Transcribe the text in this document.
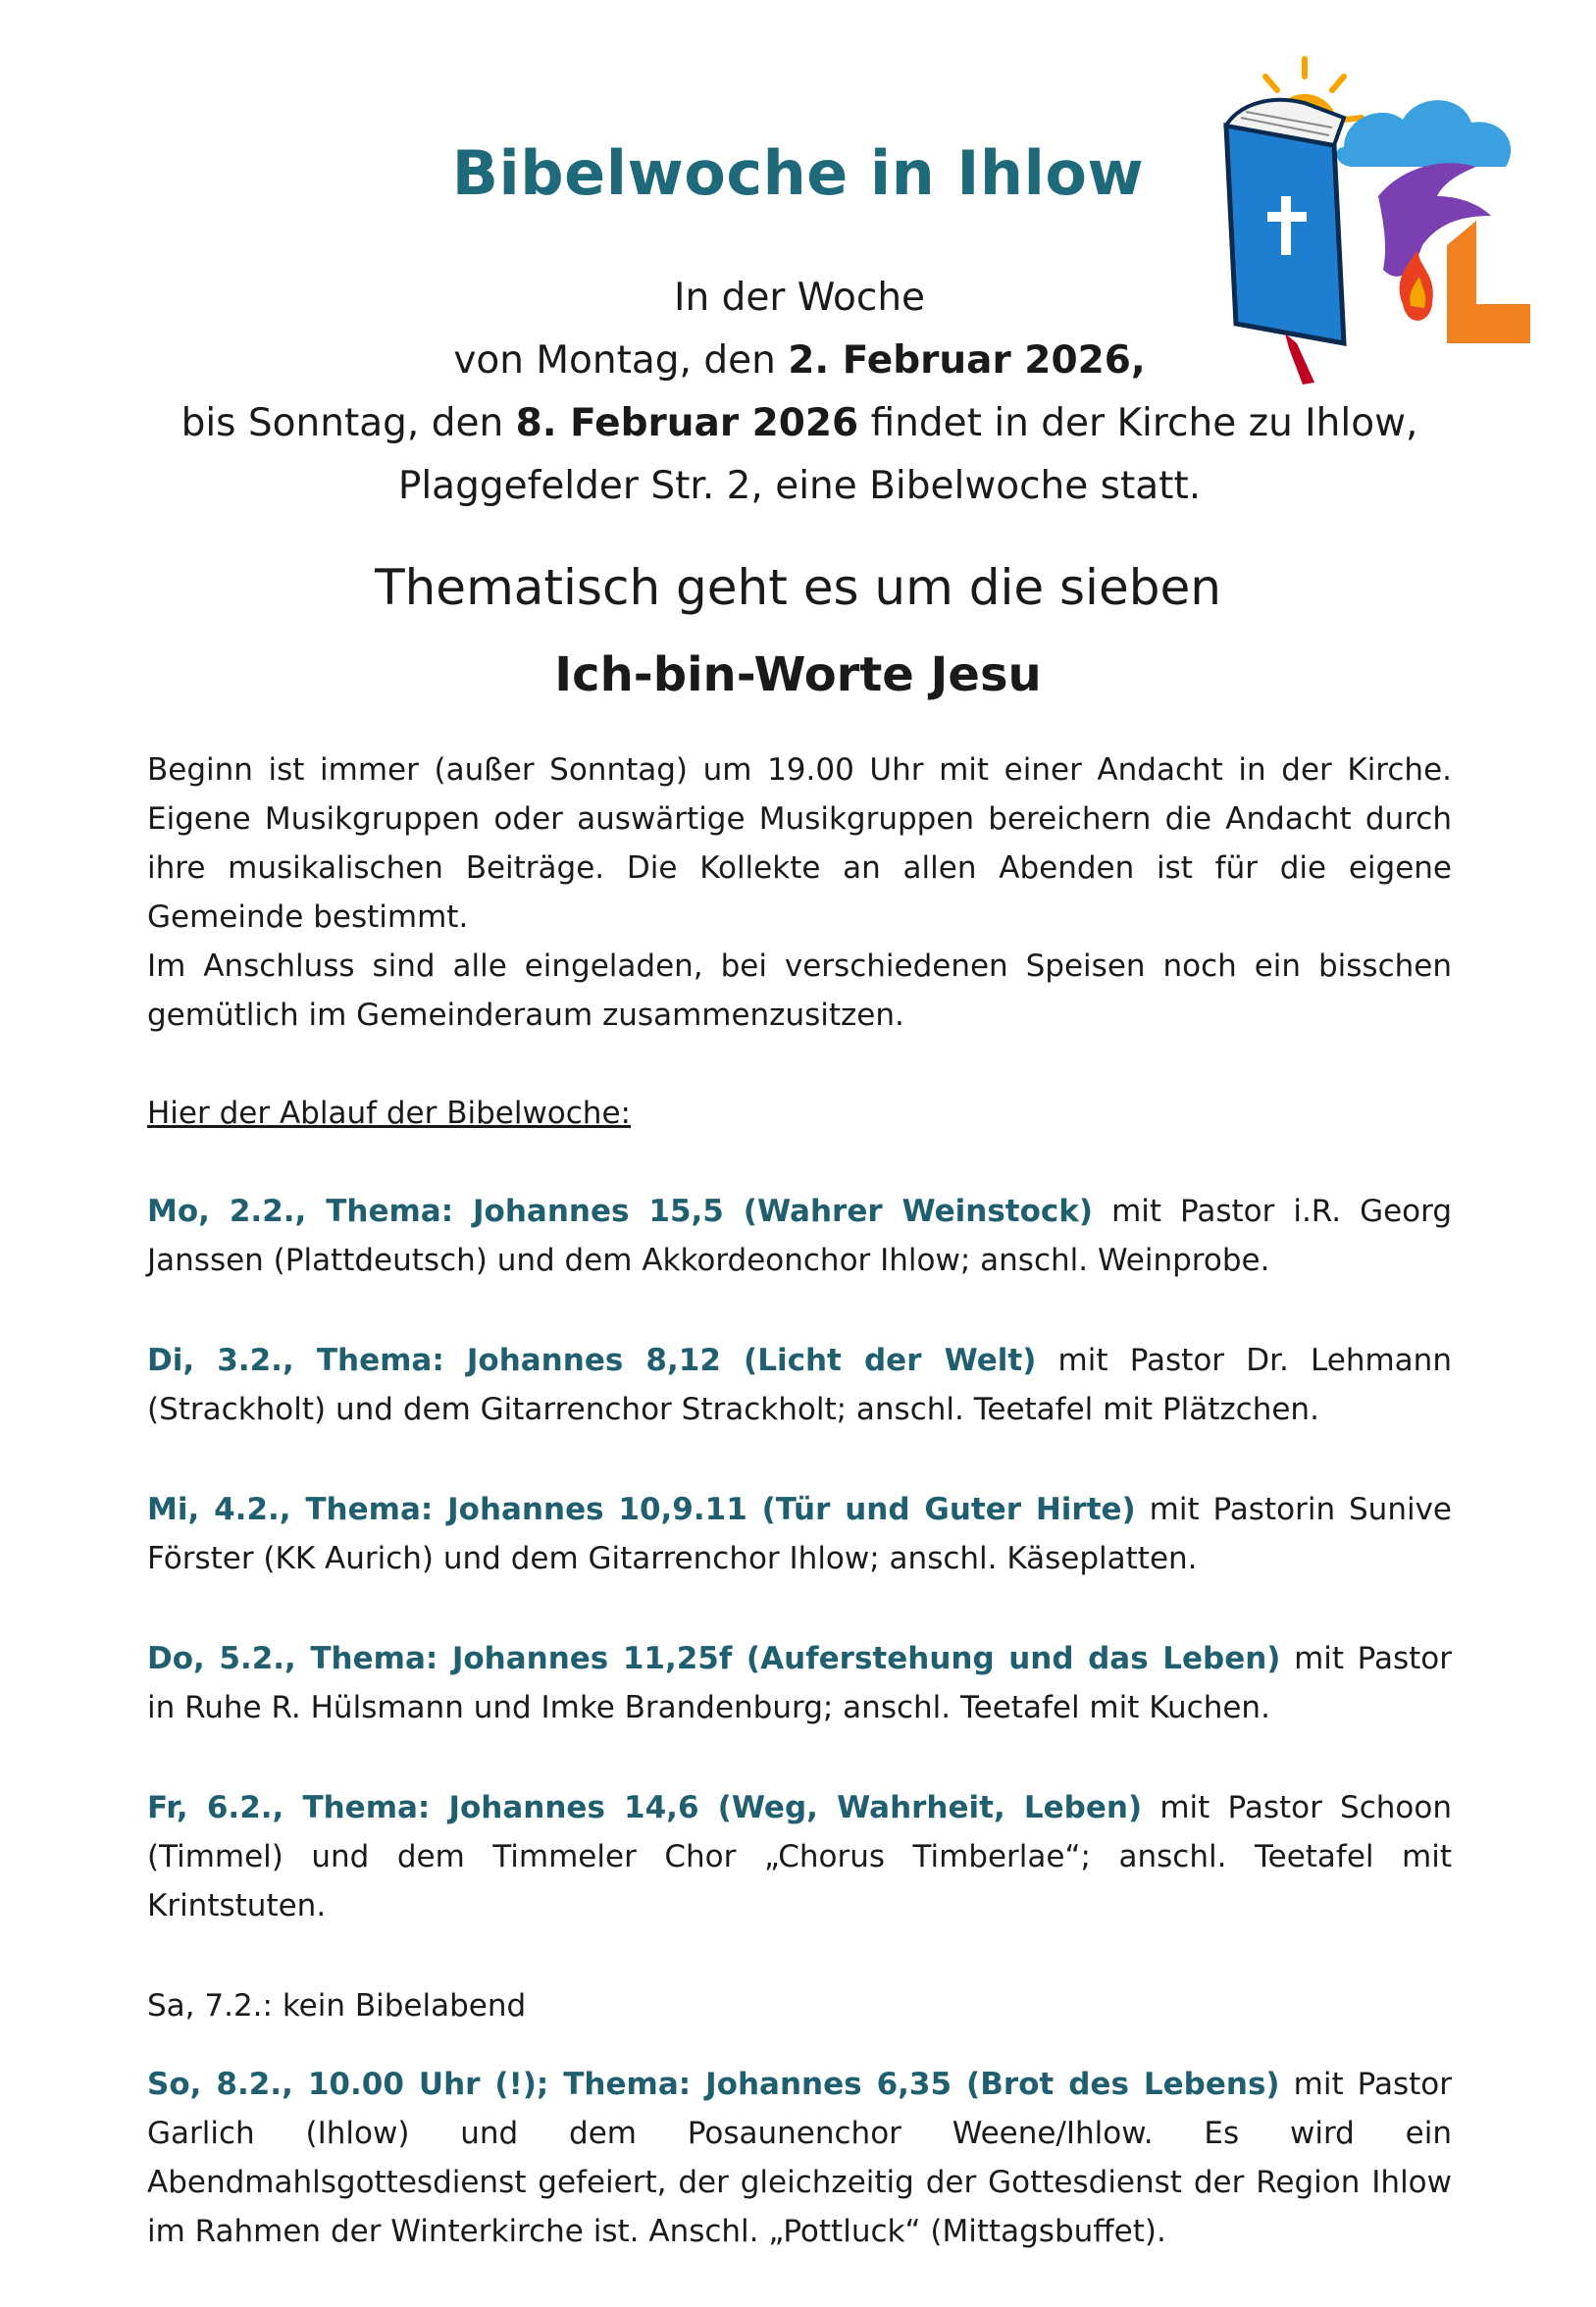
Bibelwoche in Ihlow
In der Woche
von Montag, den 2. Februar 2026,
bis Sonntag, den 8. Februar 2026 findet in der Kirche zu Ihlow,
Plaggefelder Str. 2, eine Bibelwoche statt.
Thematisch geht es um die sieben
Ich-bin-Worte Jesu

Beginn ist immer (außer Sonntag) um 19.00 Uhr mit einer Andacht in der Kirche. Eigene Musikgruppen oder auswärtige Musikgruppen bereichern die Andacht durch ihre musikalischen Beiträge. Die Kollekte an allen Abenden ist für die eigene Gemeinde bestimmt.

Im Anschluss sind alle eingeladen, bei verschiedenen Speisen noch ein bisschen gemütlich im Gemeinderaum zusammenzusitzen.

Hier der Ablauf der Bibelwoche:

Mo, 2.2., Thema: Johannes 15,5 (Wahrer Weinstock) mit Pastor i.R. Georg Janssen (Plattdeutsch) und dem Akkordeonchor Ihlow; anschl. Weinprobe.

Di, 3.2., Thema: Johannes 8,12 (Licht der Welt) mit Pastor Dr. Lehmann (Strackholt) und dem Gitarrenchor Strackholt; anschl. Teetafel mit Plätzchen.

Mi, 4.2., Thema: Johannes 10,9.11 (Tür und Guter Hirte) mit Pastorin Sunive Förster (KK Aurich) und dem Gitarrenchor Ihlow; anschl. Käseplatten.

Do, 5.2., Thema: Johannes 11,25f (Auferstehung und das Leben) mit Pastor in Ruhe R. Hülsmann und Imke Brandenburg; anschl. Teetafel mit Kuchen.

Fr, 6.2., Thema: Johannes 14,6 (Weg, Wahrheit, Leben) mit Pastor Schoon (Timmel) und dem Timmeler Chor „Chorus Timberlae“; anschl. Teetafel mit Krintstuten.

Sa, 7.2.: kein Bibelabend

So, 8.2., 10.00 Uhr (!); Thema: Johannes 6,35 (Brot des Lebens) mit Pastor Garlich (Ihlow) und dem Posaunenchor Weene/Ihlow. Es wird ein Abendmahlsgottesdienst gefeiert, der gleichzeitig der Gottesdienst der Region Ihlow im Rahmen der Winterkirche ist. Anschl. „Pottluck“ (Mittagsbuffet).
